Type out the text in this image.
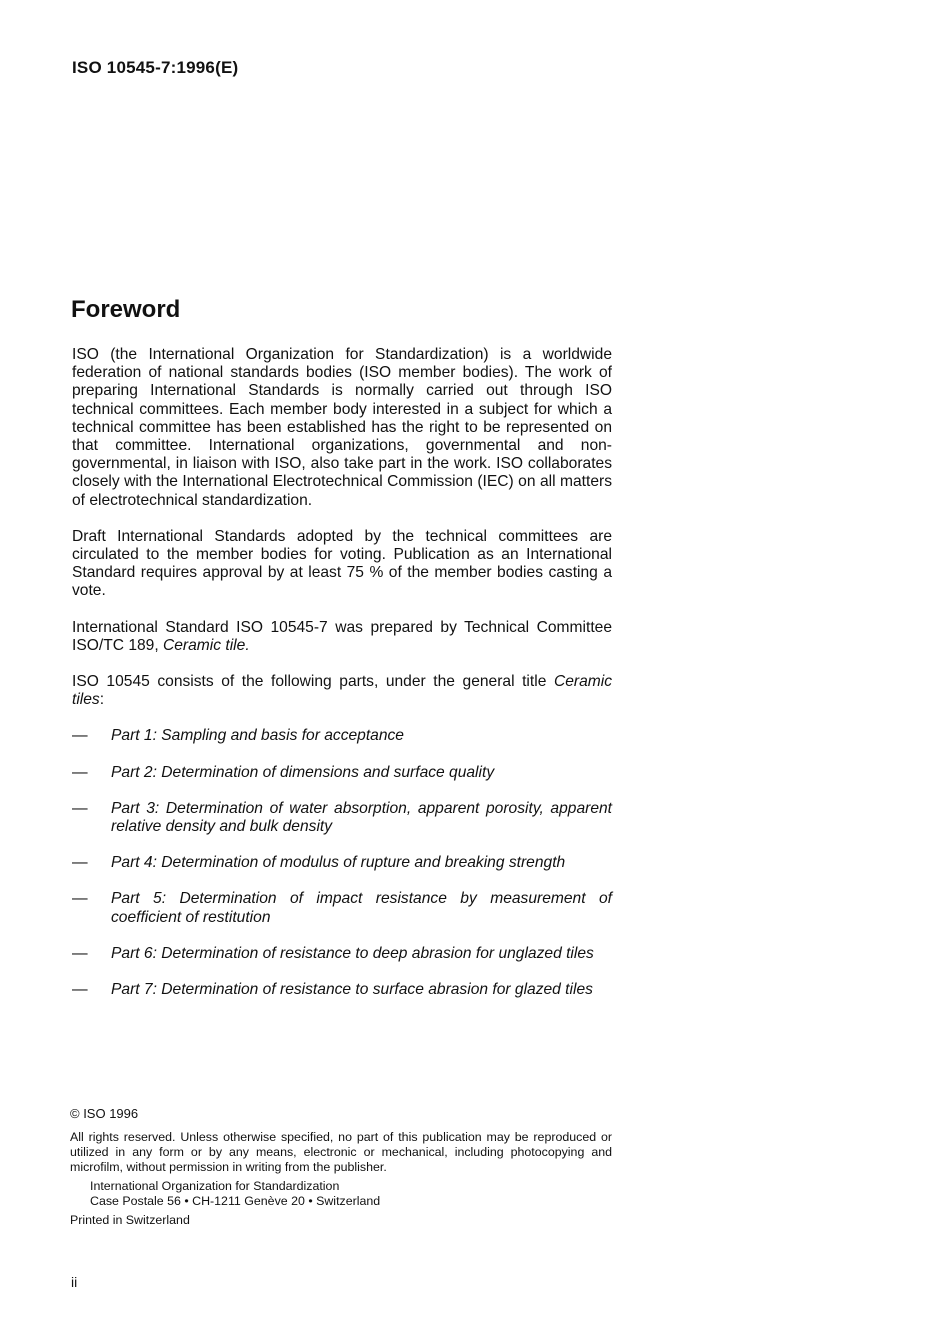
ISO 10545-7:1996(E)
Foreword

ISO (the International Organization for Standardization) is a worldwide federation of national standards bodies (ISO member bodies). The work of preparing International Standards is normally carried out through ISO technical committees. Each member body interested in a subject for which a technical committee has been established has the right to be represented on that committee. International organizations, governmental and non-governmental, in liaison with ISO, also take part in the work. ISO collaborates closely with the International Electrotechnical Commission (IEC) on all matters of electrotechnical standardization.

Draft International Standards adopted by the technical committees are circulated to the member bodies for voting. Publication as an International Standard requires approval by at least 75 % of the member bodies casting a vote.

International Standard ISO 10545-7 was prepared by Technical Committee ISO/TC 189, Ceramic tile.

ISO 10545 consists of the following parts, under the general title Ceramic tiles:

—	Part 1: Sampling and basis for acceptance
—	Part 2: Determination of dimensions and surface quality
—	Part 3: Determination of water absorption, apparent porosity, apparent relative density and bulk density
—	Part 4: Determination of modulus of rupture and breaking strength
—	Part 5: Determination of impact resistance by measurement of coefficient of restitution
—	Part 6: Determination of resistance to deep abrasion for unglazed tiles
—	Part 7: Determination of resistance to surface abrasion for glazed tiles
© ISO 1996
All rights reserved. Unless otherwise specified, no part of this publication may be reproduced or utilized in any form or by any means, electronic or mechanical, including photocopying and microfilm, without permission in writing from the publisher.
International Organization for Standardization
Case Postale 56 • CH-1211 Genève 20 • Switzerland
Printed in Switzerland
ii
